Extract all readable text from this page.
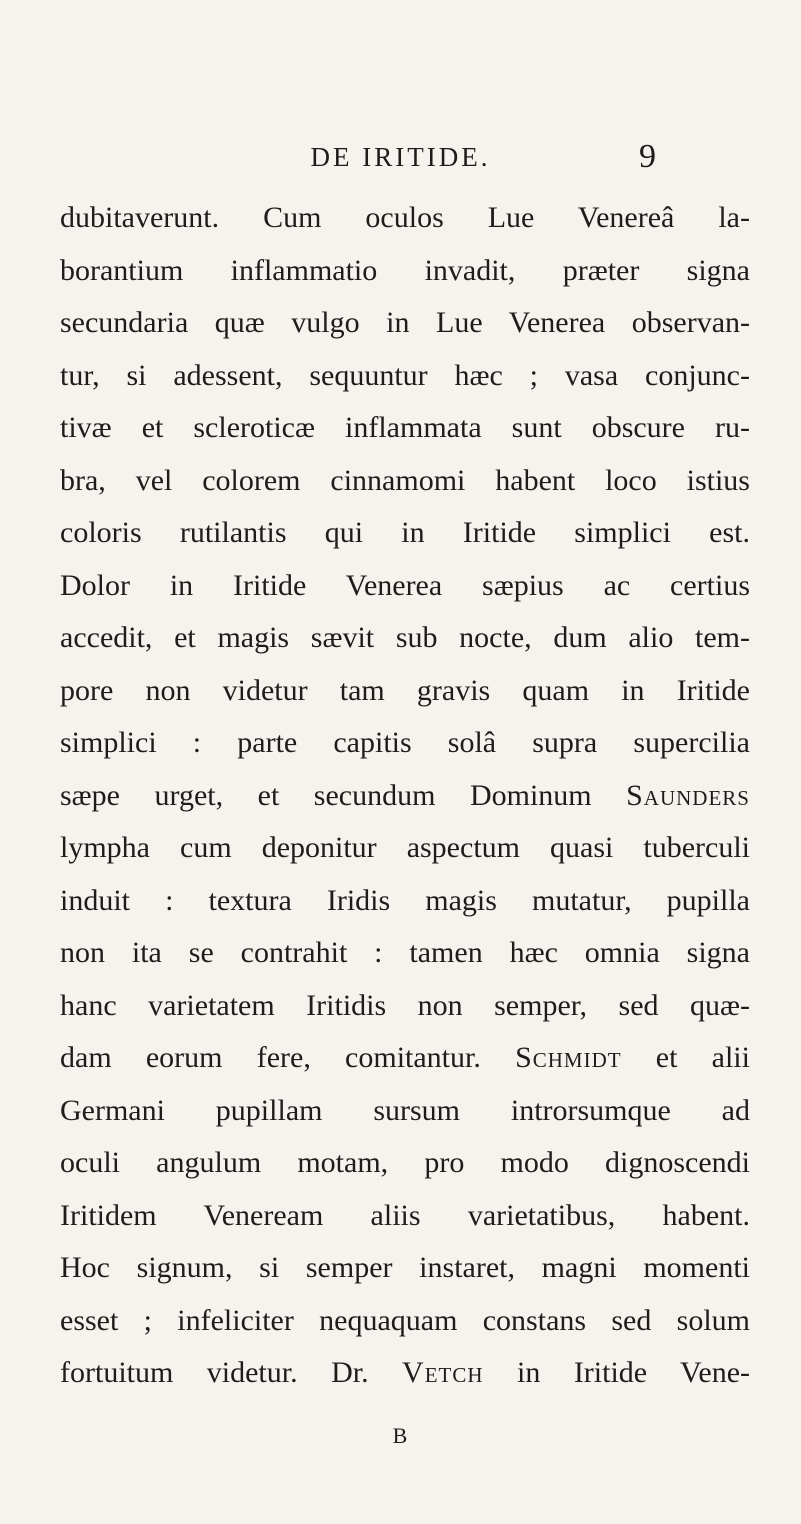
DE IRITIDE.	9
dubitaverunt. Cum oculos Lue Venereâ la-
borantium inflammatio invadit, præter signa
secundaria quæ vulgo in Lue Venerea observan-
tur, si adessent, sequuntur hæc ; vasa conjunc-
tivæ et scleroticæ inflammata sunt obscure ru-
bra, vel colorem cinnamomi habent loco istius
coloris rutilantis qui in Iritide simplici est.
Dolor in Iritide Venerea sæpius ac certius
accedit, et magis sævit sub nocte, dum alio tem-
pore non videtur tam gravis quam in Iritide
simplici : parte capitis solâ supra supercilia
sæpe urget, et secundum Dominum Saunders
lympha cum deponitur aspectum quasi tuberculi
induit : textura Iridis magis mutatur, pupilla
non ita se contrahit : tamen hæc omnia signa
hanc varietatem Iritidis non semper, sed quæ-
dam eorum fere, comitantur. Schmidt et alii
Germani pupillam sursum introrsumque ad
oculi angulum motam, pro modo dignoscendi
Iritidem Veneream aliis varietatibus, habent.
Hoc signum, si semper instaret, magni momenti
esset ; infeliciter nequaquam constans sed solum
fortuitum videtur. Dr. Vetch in Iritide Vene-
B
